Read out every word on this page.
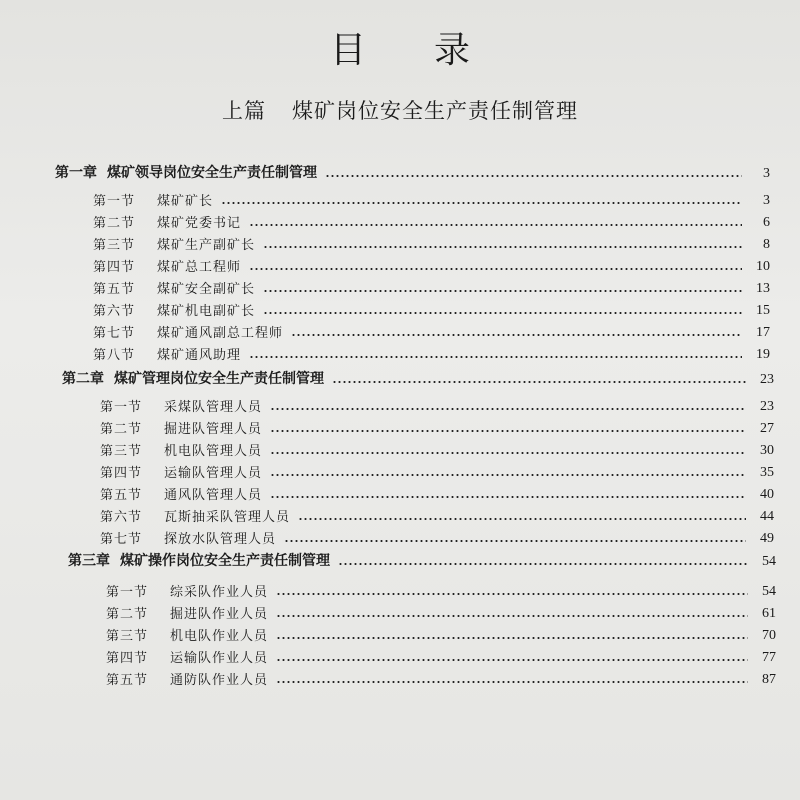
目 录
上篇 煤矿岗位安全生产责任制管理
第一章 煤矿领导岗位安全生产责任制管理	3
第一节 煤矿矿长	3
第二节 煤矿党委书记	6
第三节 煤矿生产副矿长	8
第四节 煤矿总工程师	10
第五节 煤矿安全副矿长	13
第六节 煤矿机电副矿长	15
第七节 煤矿通风副总工程师	17
第八节 煤矿通风助理	19
第二章 煤矿管理岗位安全生产责任制管理	23
第一节 采煤队管理人员	23
第二节 掘进队管理人员	27
第三节 机电队管理人员	30
第四节 运输队管理人员	35
第五节 通风队管理人员	40
第六节 瓦斯抽采队管理人员	44
第七节 探放水队管理人员	49
第三章 煤矿操作岗位安全生产责任制管理	54
第一节 综采队作业人员	54
第二节 掘进队作业人员	61
第三节 机电队作业人员	70
第四节 运输队作业人员	77
第五节 通防队作业人员	87
